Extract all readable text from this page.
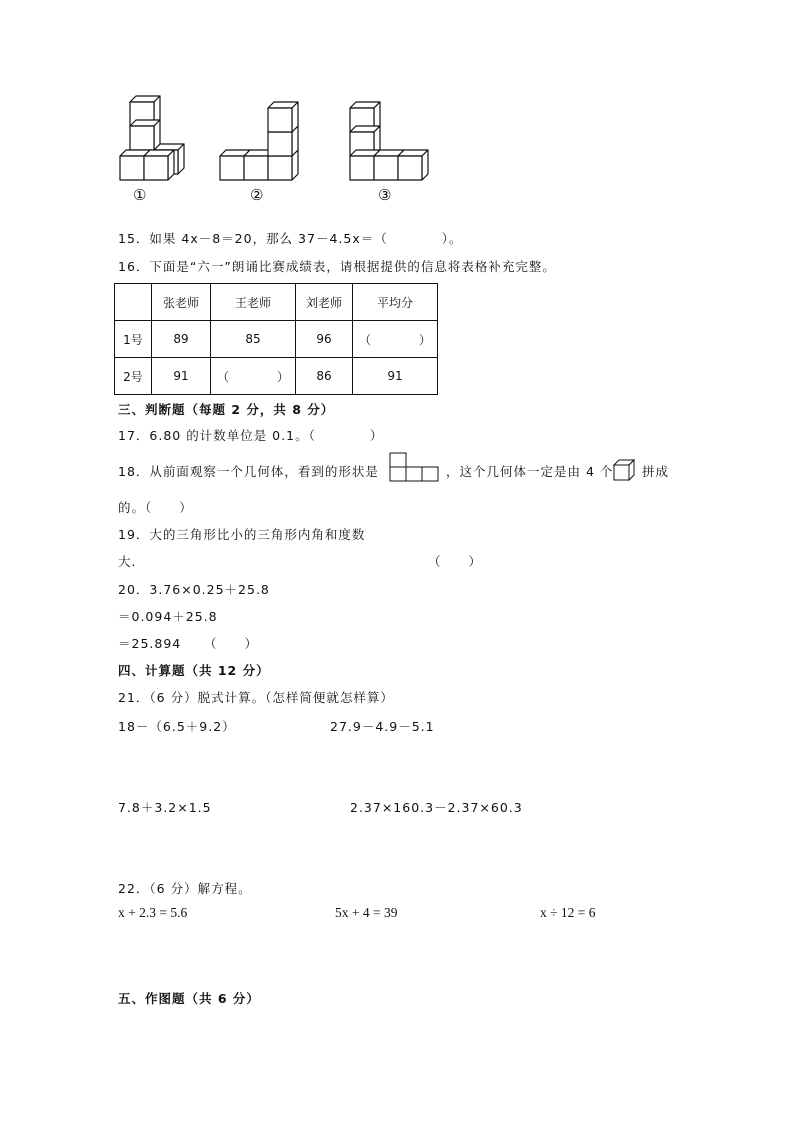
①	②	③
15．如果 4x－8＝20，那么 37－4.5x＝（　　　　）。
16．下面是“六一”朗诵比赛成绩表，请根据提供的信息将表格补充完整。
	张老师	王老师	刘老师	平均分
1号	89	85	96	（　　　　）
2号	91	（　　　　）	86	91
三、判断题（每题 2 分，共 8 分）
17．6.80 的计数单位是 0.1。（　　　　）
18．从前面观察一个几何体，看到的形状是	，这个几何体一定是由 4 个 拼成
的。（　　）
19．大的三角形比小的三角形内角和度数
大．	（　　）
20．3.76×0.25＋25.8
＝0.094＋25.8
＝25.894 （　　）
四、计算题（共 12 分）
21．（6 分）脱式计算。（怎样简便就怎样算）
18－（6.5＋9.2）	27.9－4.9－5.1
7.8＋3.2×1.5	2.37×160.3－2.37×60.3
22．（6 分）解方程。
x + 2.3 = 5.6	5x + 4 = 39	x ÷ 12 = 6
五、作图题（共 6 分）
